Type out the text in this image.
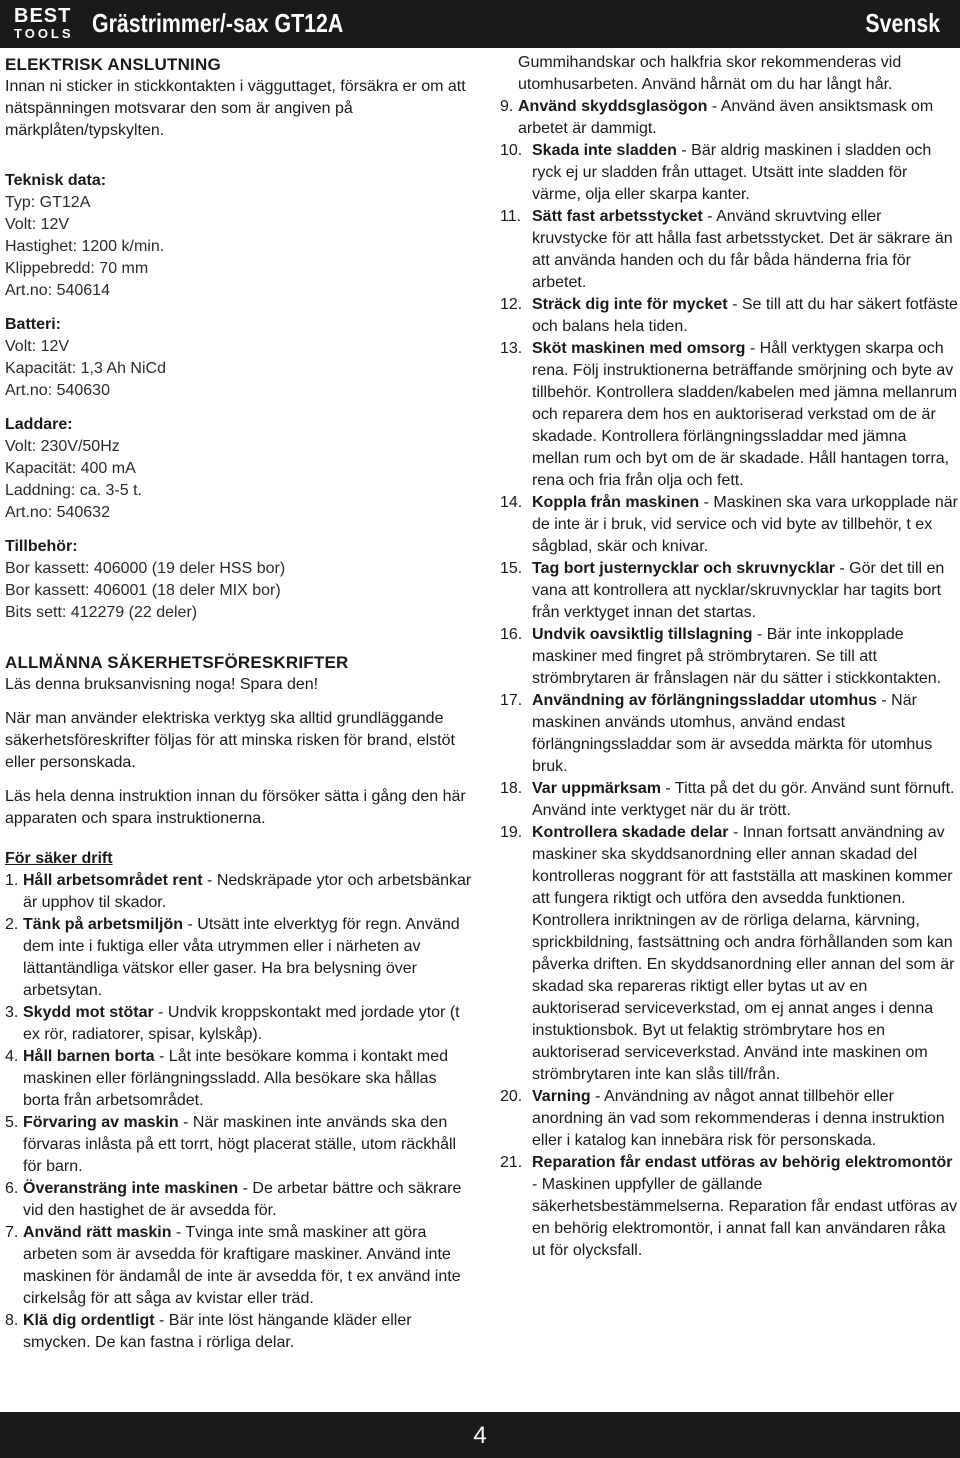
BEST
TOOLS Grästrimmer/-sax GT12A	Svensk

ELEKTRISK ANSLUTNING

Innan ni sticker in stickkontakten i vägguttaget, försäkra er om att nätspänningen motsvarar den som är angiven på märkplåten/typskylten.

Teknisk data:

Typ: GT12A

Volt: 12V

Hastighet: 1200 k/min.

Klippebredd: 70 mm

Art.no: 540614

Batteri:

Volt: 12V

Kapacität: 1,3 Ah NiCd

Art.no: 540630

Laddare:

Volt: 230V/50Hz

Kapacität: 400 mA

Laddning: ca. 3-5 t.

Art.no: 540632

Tillbehör:

Bor kassett: 406000 (19 deler HSS bor)

Bor kassett: 406001 (18 deler MIX bor)

Bits sett: 412279 (22 deler)

ALLMÄNNA SÄKERHETSFÖRESKRIFTER

Läs denna bruksanvisning noga! Spara den!

När man använder elektriska verktyg ska alltid grundläggande säkerhetsföreskrifter följas för att minska risken för brand, elstöt eller personskada.

Läs hela denna instruktion innan du försöker sätta i gång den här apparaten och spara instruktionerna.

För säker drift

1. Håll arbetsområdet rent - Nedskräpade ytor och arbetsbänkar är upphov til skador.
2. Tänk på arbetsmiljön - Utsätt inte elverktyg för regn. Använd dem inte i fuktiga eller våta utrymmen eller i närheten av lättantändliga vätskor eller gaser. Ha bra belysning över arbetsytan.
3. Skydd mot stötar - Undvik kroppskontakt med jordade ytor (t ex rör, radiatorer, spisar, kylskåp).
4. Håll barnen borta - Låt inte besökare komma i kontakt med maskinen eller förlängningssladd. Alla besökare ska hållas borta från arbetsområdet.
5. Förvaring av maskin - När maskinen inte används ska den förvaras inlåsta på ett torrt, högt placerat ställe, utom räckhåll för barn.
6. Överansträng inte maskinen - De arbetar bättre och säkrare vid den hastighet de är avsedda för.
7. Använd rätt maskin - Tvinga inte små maskiner att göra arbeten som är avsedda för kraftigare maskiner. Använd inte maskinen för ändamål de inte är avsedda för, t ex använd inte cirkelsåg för att såga av kvistar eller träd.
8. Klä dig ordentligt - Bär inte löst hängande kläder eller smycken. De kan fastna i rörliga delar.

Gummihandskar och halkfria skor rekommenderas vid utomhusarbeten. Använd hårnät om du har långt hår.

9. Använd skyddsglasögon - Använd även ansiktsmask om arbetet är dammigt.
10. Skada inte sladden - Bär aldrig maskinen i sladden och ryck ej ur sladden från uttaget. Utsätt inte sladden för värme, olja eller skarpa kanter.
11. Sätt fast arbetsstycket - Använd skruvtving eller kruvstycke för att hålla fast arbetsstycket. Det är säkrare än att använda handen och du får båda händerna fria för arbetet.
12. Sträck dig inte för mycket - Se till att du har säkert fotfäste och balans hela tiden.
13. Sköt maskinen med omsorg - Håll verktygen skarpa och rena. Följ instruktionerna beträffande smörjning och byte av tillbehör. Kontrollera sladden/kabelen med jämna mellanrum och reparera dem hos en auktoriserad verkstad om de är skadade. Kontrollera förlängningssladdar med jämna mellan rum och byt om de är skadade. Håll hantagen torra, rena och fria från olja och fett.
14. Koppla från maskinen - Maskinen ska vara urkopplade när de inte är i bruk, vid service och vid byte av tillbehör, t ex sågblad, skär och knivar.
15. Tag bort justernycklar och skruvnycklar - Gör det till en vana att kontrollera att nycklar/skruvnycklar har tagits bort från verktyget innan det startas.
16. Undvik oavsiktlig tillslagning - Bär inte inkopplade maskiner med fingret på strömbrytaren. Se till att strömbrytaren är frånslagen när du sätter i stickkontakten.
17. Användning av förlängningssladdar utomhus - När maskinen används utomhus, använd endast förlängningssladdar som är avsedda märkta för utomhus bruk.
18. Var uppmärksam - Titta på det du gör. Använd sunt förnuft. Använd inte verktyget när du är trött.
19. Kontrollera skadade delar - Innan fortsatt användning av maskiner ska skyddsanordning eller annan skadad del kontrolleras noggrant för att fastställa att maskinen kommer att fungera riktigt och utföra den avsedda funktionen. Kontrollera inriktningen av de rörliga delarna, kärvning, sprickbildning, fastsättning och andra förhållanden som kan påverka driften. En skyddsanordning eller annan del som är skadad ska repareras riktigt eller bytas ut av en auktoriserad serviceverkstad, om ej annat anges i denna instuktionsbok. Byt ut felaktig strömbrytare hos en auktoriserad serviceverkstad. Använd inte maskinen om strömbrytaren inte kan slås till/från.
20. Varning - Användning av något annat tillbehör eller anordning än vad som rekommenderas i denna instruktion eller i katalog kan innebära risk för personskada.
21. Reparation får endast utföras av behörig elektromontör - Maskinen uppfyller de gällande säkerhetsbestämmelserna. Reparation får endast utföras av en behörig elektromontör, i annat fall kan användaren råka ut för olycksfall.
4
